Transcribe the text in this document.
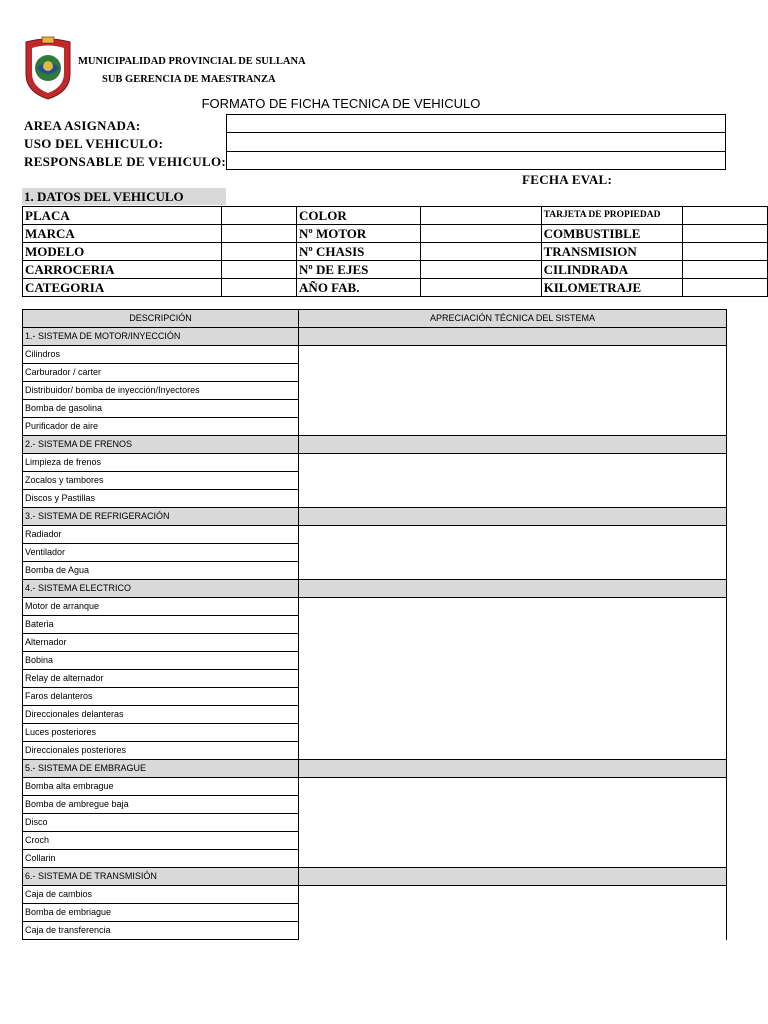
MUNICIPALIDAD PROVINCIAL DE SULLANA
SUB GERENCIA DE MAESTRANZA
FORMATO DE FICHA TECNICA DE VEHICULO
AREA ASIGNADA:
USO DEL VEHICULO:
RESPONSABLE DE VEHICULO:
FECHA EVAL:
1. DATOS DEL VEHICULO
PLACA		COLOR		TARJETA DE PROPIEDAD	
MARCA		Nº MOTOR		COMBUSTIBLE	
MODELO		Nº CHASIS		TRANSMISION	
CARROCERIA		Nº DE EJES		CILINDRADA	
CATEGORIA		AÑO FAB.		KILOMETRAJE	
DESCRIPCIÓN	APRECIACIÓN TÉCNICA DEL SISTEMA
1.- SISTEMA DE MOTOR/INYECCIÓN	
Cilindros	
Carburador / carter	
Distribuidor/ bomba de inyección/Inyectores	
Bomba de gasolina	
Purificador de aire	
2.- SISTEMA DE FRENOS	
Limpieza de frenos	
Zocalos y tambores	
Discos y Pastillas	
3.- SISTEMA DE REFRIGERACIÓN	
Radiador	
Ventilador	
Bomba de Agua	
4.- SISTEMA ELECTRICO	
Motor de arranque	
Bateria	
Alternador	
Bobina	
Relay de alternador	
Faros delanteros	
Direccionales delanteras	
Luces posteriores	
Direccionales posteriores	
5.- SISTEMA DE EMBRAGUE	
Bomba alta embrague	
Bomba de ambregue baja	
Disco	
Croch	
Collarin	
6.- SISTEMA DE TRANSMISIÓN	
Caja de cambios	
Bomba de embriague	
Caja de transferencia	
